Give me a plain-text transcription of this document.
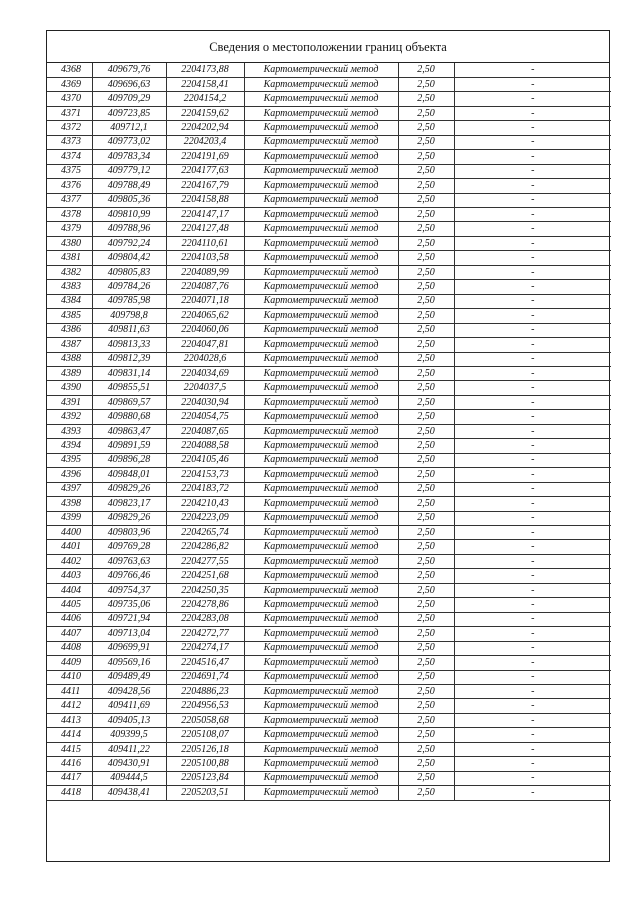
Сведения о местоположении границ объекта
4368	409679,76	2204173,88	Картометрический метод	2,50	-
4369	409696,63	2204158,41	Картометрический метод	2,50	-
4370	409709,29	2204154,2	Картометрический метод	2,50	-
4371	409723,85	2204159,62	Картометрический метод	2,50	-
4372	409712,1	2204202,94	Картометрический метод	2,50	-
4373	409773,02	2204203,4	Картометрический метод	2,50	-
4374	409783,34	2204191,69	Картометрический метод	2,50	-
4375	409779,12	2204177,63	Картометрический метод	2,50	-
4376	409788,49	2204167,79	Картометрический метод	2,50	-
4377	409805,36	2204158,88	Картометрический метод	2,50	-
4378	409810,99	2204147,17	Картометрический метод	2,50	-
4379	409788,96	2204127,48	Картометрический метод	2,50	-
4380	409792,24	2204110,61	Картометрический метод	2,50	-
4381	409804,42	2204103,58	Картометрический метод	2,50	-
4382	409805,83	2204089,99	Картометрический метод	2,50	-
4383	409784,26	2204087,76	Картометрический метод	2,50	-
4384	409785,98	2204071,18	Картометрический метод	2,50	-
4385	409798,8	2204065,62	Картометрический метод	2,50	-
4386	409811,63	2204060,06	Картометрический метод	2,50	-
4387	409813,33	2204047,81	Картометрический метод	2,50	-
4388	409812,39	2204028,6	Картометрический метод	2,50	-
4389	409831,14	2204034,69	Картометрический метод	2,50	-
4390	409855,51	2204037,5	Картометрический метод	2,50	-
4391	409869,57	2204030,94	Картометрический метод	2,50	-
4392	409880,68	2204054,75	Картометрический метод	2,50	-
4393	409863,47	2204087,65	Картометрический метод	2,50	-
4394	409891,59	2204088,58	Картометрический метод	2,50	-
4395	409896,28	2204105,46	Картометрический метод	2,50	-
4396	409848,01	2204153,73	Картометрический метод	2,50	-
4397	409829,26	2204183,72	Картометрический метод	2,50	-
4398	409823,17	2204210,43	Картометрический метод	2,50	-
4399	409829,26	2204223,09	Картометрический метод	2,50	-
4400	409803,96	2204265,74	Картометрический метод	2,50	-
4401	409769,28	2204286,82	Картометрический метод	2,50	-
4402	409763,63	2204277,55	Картометрический метод	2,50	-
4403	409766,46	2204251,68	Картометрический метод	2,50	-
4404	409754,37	2204250,35	Картометрический метод	2,50	-
4405	409735,06	2204278,86	Картометрический метод	2,50	-
4406	409721,94	2204283,08	Картометрический метод	2,50	-
4407	409713,04	2204272,77	Картометрический метод	2,50	-
4408	409699,91	2204274,17	Картометрический метод	2,50	-
4409	409569,16	2204516,47	Картометрический метод	2,50	-
4410	409489,49	2204691,74	Картометрический метод	2,50	-
4411	409428,56	2204886,23	Картометрический метод	2,50	-
4412	409411,69	2204956,53	Картометрический метод	2,50	-
4413	409405,13	2205058,68	Картометрический метод	2,50	-
4414	409399,5	2205108,07	Картометрический метод	2,50	-
4415	409411,22	2205126,18	Картометрический метод	2,50	-
4416	409430,91	2205100,88	Картометрический метод	2,50	-
4417	409444,5	2205123,84	Картометрический метод	2,50	-
4418	409438,41	2205203,51	Картометрический метод	2,50	-
